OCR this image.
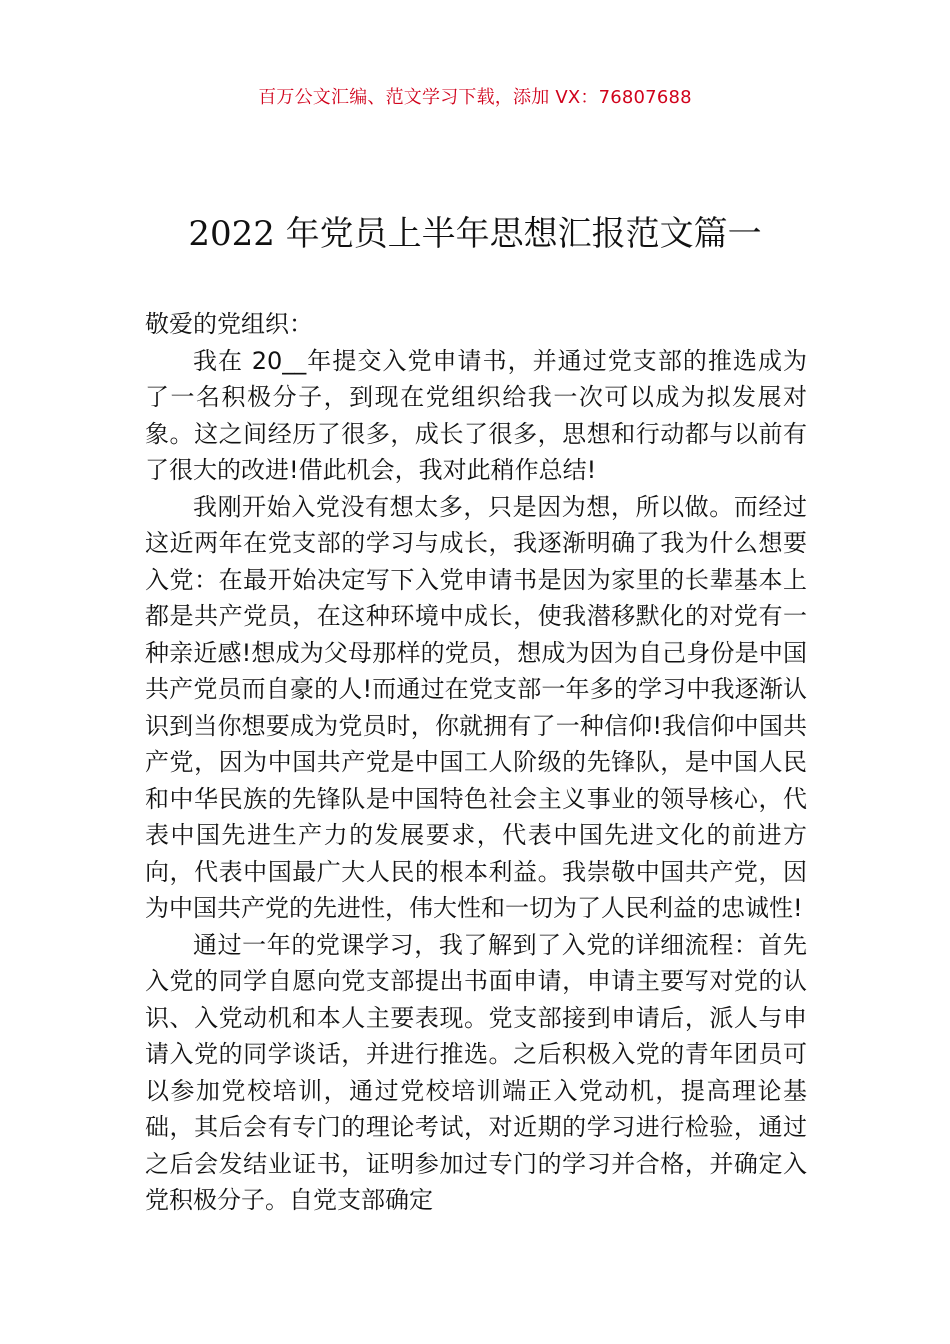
百万公文汇编、范文学习下载，添加 VX：76807688
2022 年党员上半年思想汇报范文篇一

敬爱的党组织：

我在 20__年提交入党申请书，并通过党支部的推选成为了一名积极分子，到现在党组织给我一次可以成为拟发展对象。这之间经历了很多，成长了很多，思想和行动都与以前有了很大的改进!借此机会，我对此稍作总结!

我刚开始入党没有想太多，只是因为想，所以做。而经过这近两年在党支部的学习与成长，我逐渐明确了我为什么想要入党：在最开始决定写下入党申请书是因为家里的长辈基本上都是共产党员，在这种环境中成长，使我潜移默化的对党有一种亲近感!想成为父母那样的党员，想成为因为自己身份是中国共产党员而自豪的人!而通过在党支部一年多的学习中我逐渐认识到当你想要成为党员时，你就拥有了一种信仰!我信仰中国共产党，因为中国共产党是中国工人阶级的先锋队，是中国人民和中华民族的先锋队是中国特色社会主义事业的领导核心，代表中国先进生产力的发展要求，代表中国先进文化的前进方向，代表中国最广大人民的根本利益。我崇敬中国共产党，因为中国共产党的先进性，伟大性和一切为了人民利益的忠诚性!

通过一年的党课学习，我了解到了入党的详细流程：首先入党的同学自愿向党支部提出书面申请，申请主要写对党的认识、入党动机和本人主要表现。党支部接到申请后，派人与申请入党的同学谈话，并进行推选。之后积极入党的青年团员可以参加党校培训，通过党校培训端正入党动机，提高理论基础，其后会有专门的理论考试，对近期的学习进行检验，通过之后会发结业证书，证明参加过专门的学习并合格，并确定入党积极分子。自党支部确定
